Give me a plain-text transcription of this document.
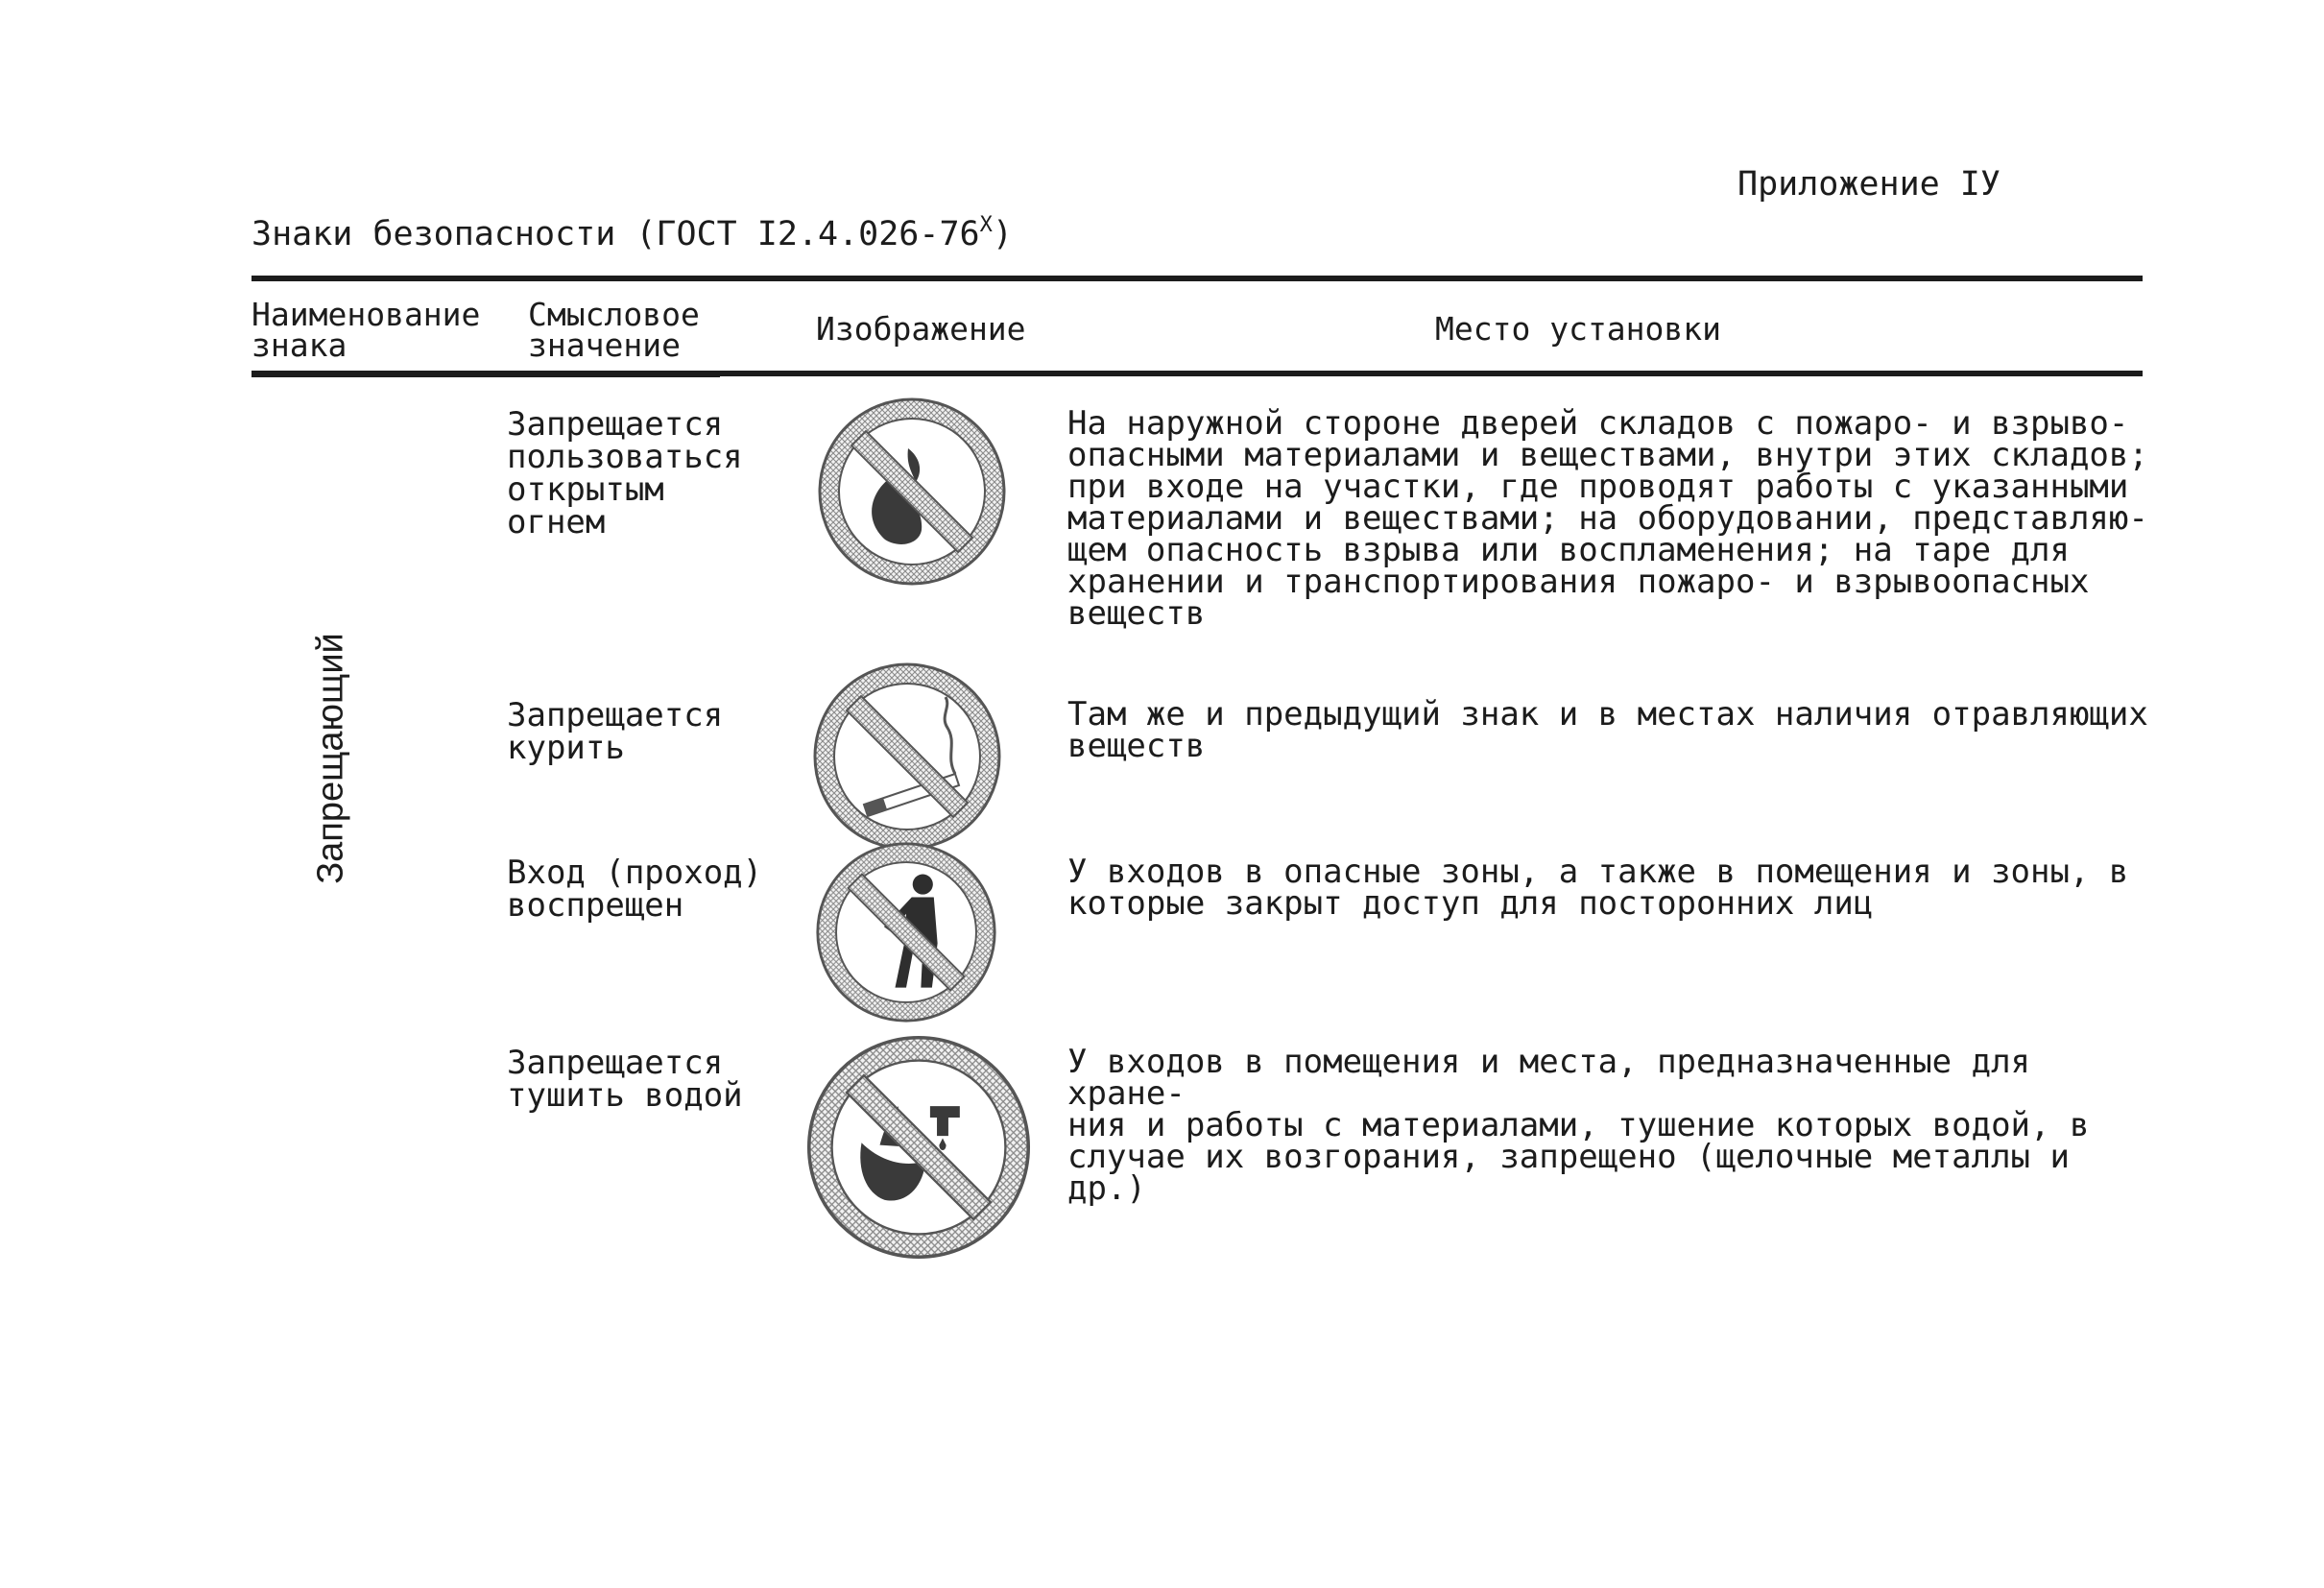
Приложение IУ
Знаки безопасности (ГОСТ $I2.4.026-76^X$)
Наименование
знака
Смысловое
значение	Изображение	Место установки
Запрещающий
Запрещается
пользоваться
открытым
огнем
На наружной стороне дверей складов с пожаро- и взрыво-
опасными материалами и веществами, внутри этих складов;
при входе на участки, где проводят работы с указанными
материалами и веществами; на оборудовании, представляю-
щем опасность взрыва или воспламенения; на таре для
хранении и транспортирования пожаро- и взрывоопасных
веществ
Запрещается
курить
Там же и предыдущий знак и в местах наличия отравляющих
веществ
Вход (проход)
воспрещен
У входов в опасные зоны, а также в помещения и зоны, в
которые закрыт доступ для посторонних лиц
Запрещается
тушить водой
У входов в помещения и места, предназначенные для хране-
ния и работы с материалами, тушение которых водой, в
случае их возгорания, запрещено (щелочные металлы и др.)
